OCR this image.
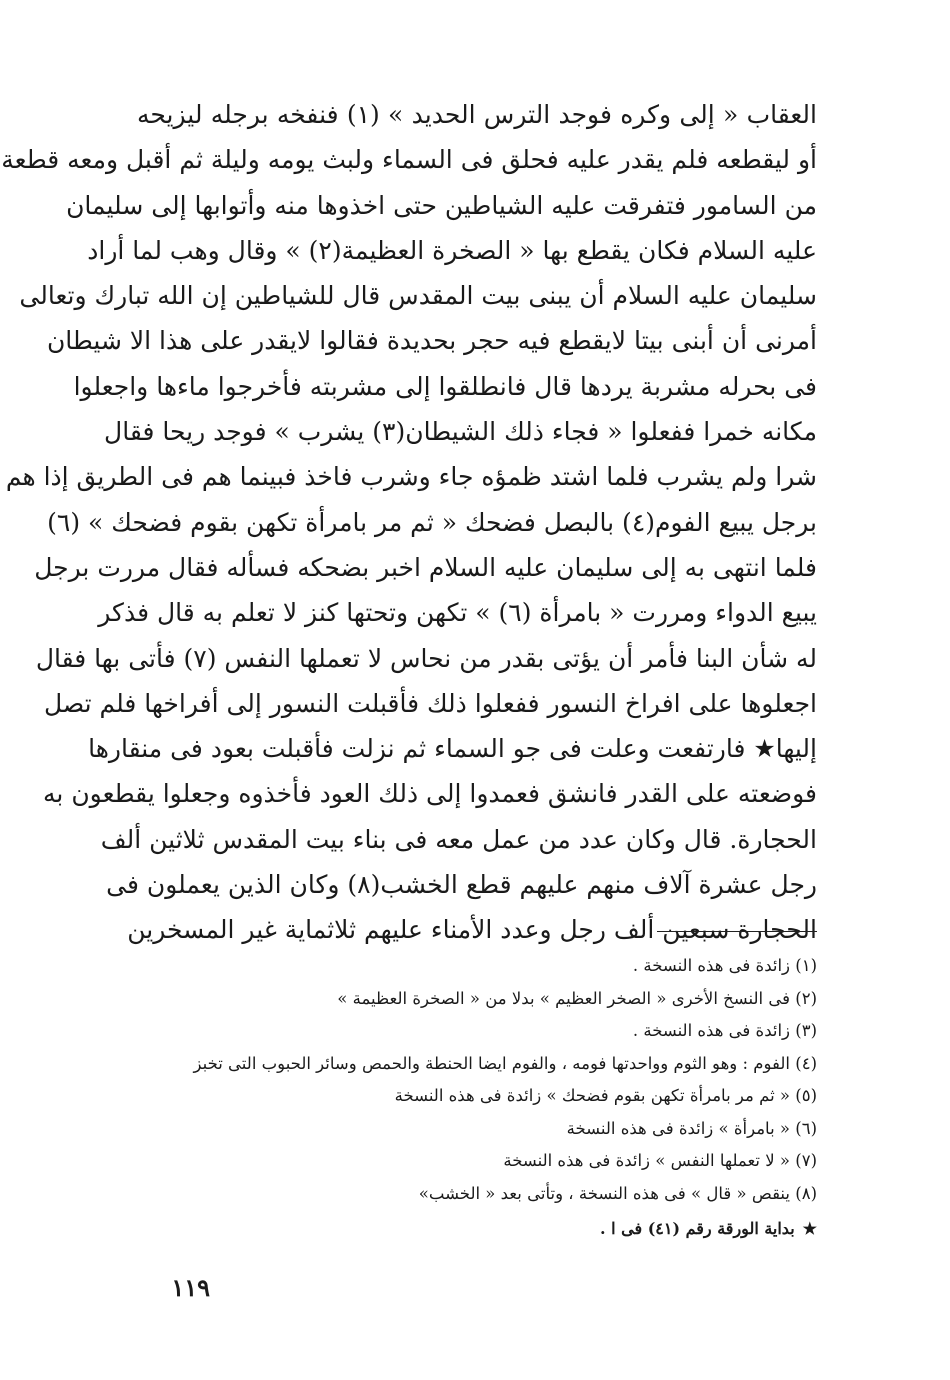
العقاب « إلى وكره فوجد الترس الحديد » (١) فنفخه برجله ليزيحه
أو ليقطعه فلم يقدر عليه فحلق فى السماء ولبث يومه وليلة ثم أقبل ومعه قطعة
من السامور فتفرقت عليه الشياطين حتى اخذوها منه وأتوابها إلى سليمان
عليه السلام فكان يقطع بها « الصخرة العظيمة(٢) » وقال وهب لما أراد
سليمان عليه السلام أن يبنى بيت المقدس قال للشياطين إن الله تبارك وتعالى
أمرنى أن أبنى بيتا لايقطع فيه حجر بحديدة فقالوا لايقدر على هذا الا شيطان
فى بحرله مشربة يردها قال فانطلقوا إلى مشربته فأخرجوا ماءها واجعلوا
مكانه خمرا ففعلوا « فجاء ذلك الشيطان(٣) يشرب » فوجد ريحا فقال
شرا ولم يشرب فلما اشتد ظمؤه جاء وشرب فاخذ فبينما هم فى الطريق إذا هم
برجل يبيع الفوم(٤) بالبصل فضحك « ثم مر بامرأة تكهن بقوم فضحك » (٦)
فلما انتهى به إلى سليمان عليه السلام اخبر بضحكه فسأله فقال مررت برجل
يبيع الدواء ومررت « بامرأة (٦) » تكهن وتحتها كنز لا تعلم به قال فذكر
له شأن البنا فأمر أن يؤتى بقدر من نحاس لا تعملها النفس (٧) فأتى بها فقال
اجعلوها على افراخ النسور ففعلوا ذلك فأقبلت النسور إلى أفراخها فلم تصل
إليها★ فارتفعت وعلت فى جو السماء ثم نزلت فأقبلت بعود فى منقارها
فوضعته على القدر فانشق فعمدوا إلى ذلك العود فأخذوه وجعلوا يقطعون به
الحجارة. قال وكان عدد من عمل معه فى بناء بيت المقدس ثلاثين ألف
رجل عشرة آلاف منهم عليهم قطع الخشب(٨) وكان الذين يعملون فى
الحجارة سبعين ألف رجل وعدد الأمناء عليهم ثلاثماية غير المسخرين
(١) زائدة فى هذه النسخة .
(٢) فى النسخ الأخرى « الصخر العظيم » بدلا من « الصخرة العظيمة »
(٣) زائدة فى هذه النسخة .
(٤) الفوم : وهو الثوم وواحدتها فومه ، والفوم ايضا الحنطة والحمص وسائر الحبوب التى تخبز
(٥) « ثم مر بامرأة تكهن بقوم فضحك » زائدة فى هذه النسخة
(٦) « بامرأة » زائدة فى هذه النسخة
(٧) « لا تعملها النفس » زائدة فى هذه النسخة
(٨) ينقص « قال » فى هذه النسخة ، وتأتى بعد « الخشب»
★بداية الورقة رقم (٤١) فى ا .
١١٩
